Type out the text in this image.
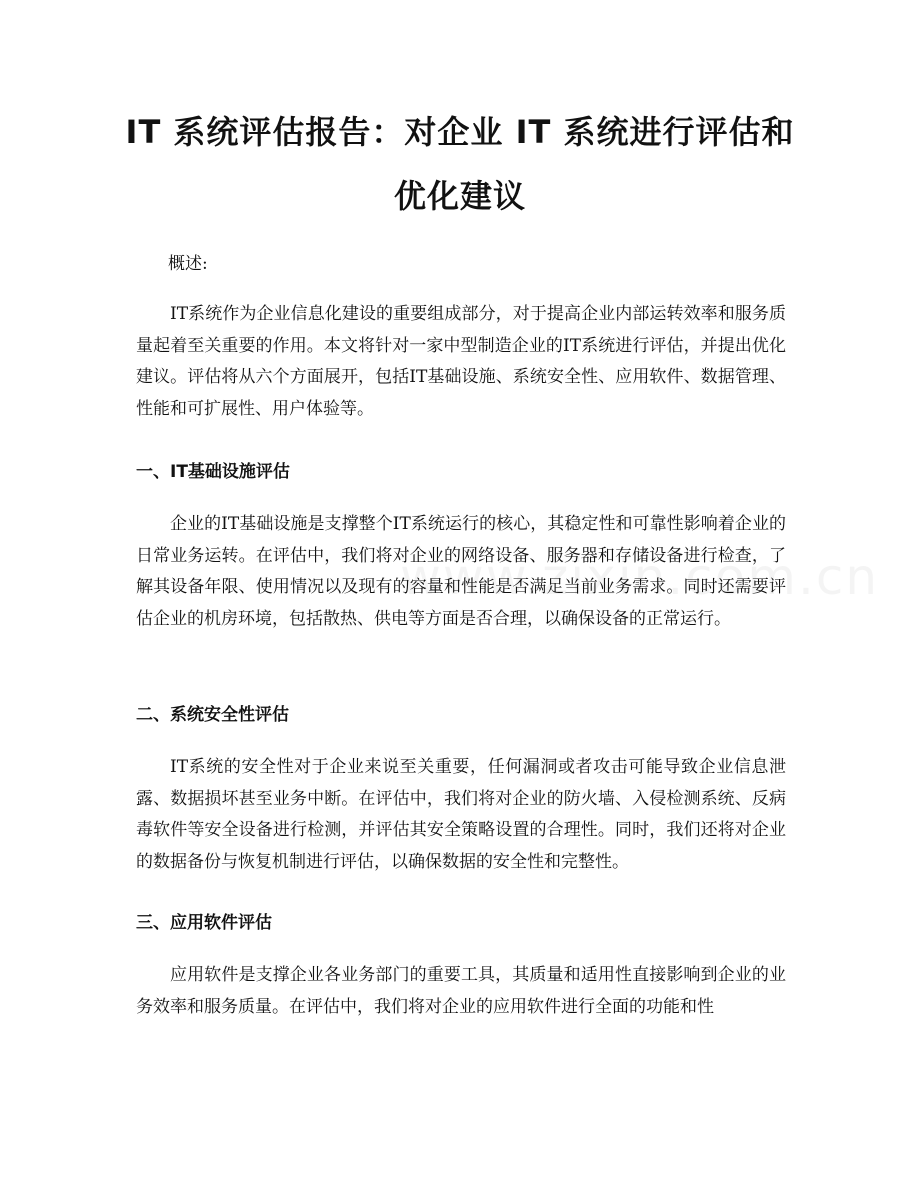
IT 系统评估报告：对企业 IT 系统进行评估和优化建议

概述:

IT系统作为企业信息化建设的重要组成部分，对于提高企业内部运转效率和服务质量起着至关重要的作用。本文将针对一家中型制造企业的IT系统进行评估，并提出优化建议。评估将从六个方面展开，包括IT基础设施、系统安全性、应用软件、数据管理、性能和可扩展性、用户体验等。

一、IT基础设施评估

企业的IT基础设施是支撑整个IT系统运行的核心，其稳定性和可靠性影响着企业的日常业务运转。在评估中，我们将对企业的网络设备、服务器和存储设备进行检查，了解其设备年限、使用情况以及现有的容量和性能是否满足当前业务需求。同时还需要评估企业的机房环境，包括散热、供电等方面是否合理，以确保设备的正常运行。

二、系统安全性评估

IT系统的安全性对于企业来说至关重要，任何漏洞或者攻击可能导致企业信息泄露、数据损坏甚至业务中断。在评估中，我们将对企业的防火墙、入侵检测系统、反病毒软件等安全设备进行检测，并评估其安全策略设置的合理性。同时，我们还将对企业的数据备份与恢复机制进行评估，以确保数据的安全性和完整性。

三、应用软件评估

应用软件是支撑企业各业务部门的重要工具，其质量和适用性直接影响到企业的业务效率和服务质量。在评估中，我们将对企业的应用软件进行全面的功能和性
